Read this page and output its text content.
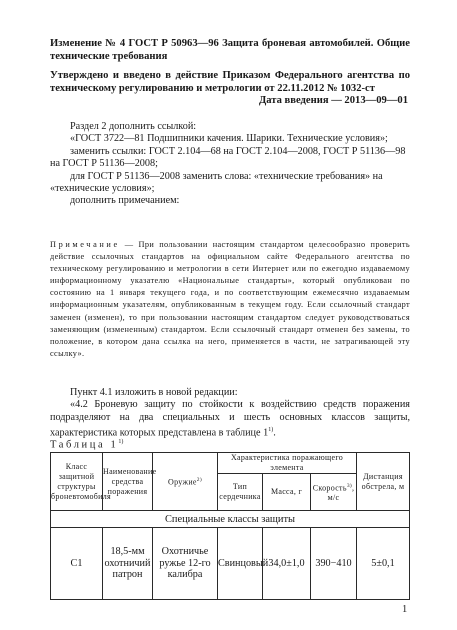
Изменение № 4 ГОСТ Р 50963—96 Защита броневая автомобилей. Общие технические требования
Утверждено и введено в действие Приказом Федерального агентства по техническому регулированию и метрологии от 22.11.2012 № 1032-ст
Дата введения — 2013—09—01
Раздел 2 дополнить ссылкой:
«ГОСТ 3722—81 Подшипники качения. Шарики. Технические условия»;
заменить ссылки: ГОСТ 2.104—68 на ГОСТ 2.104—2008, ГОСТ Р 51136—98 на ГОСТ Р 51136—2008;
для ГОСТ Р 51136—2008 заменить слова: «технические требования» на «технические условия»;
дополнить примечанием:
Примечание — При пользовании настоящим стандартом целесообразно проверить действие ссылочных стандартов на официальном сайте Федерального агентства по техническому регулированию и метрологии в сети Интернет или по ежегодно издаваемому информационному указателю «Национальные стандарты», который опубликован по состоянию на 1 января текущего года, и по соответствующим ежемесячно издаваемым информационным указателям, опубликованным в текущем году. Если ссылочный стандарт заменен (изменен), то при пользовании настоящим стандартом следует руководствоваться заменяющим (измененным) стандартом. Если ссылочный стандарт отменен без замены, то положение, в котором дана ссылка на него, применяется в части, не затрагивающей эту ссылку».
Пункт 4.1 изложить в новой редакции:
«4.2 Броневую защиту по стойкости к воздействию средств поражения подразделяют на два специальных и шесть основных классов защиты, характеристика которых представлена в таблице 1$^{1)}$.
Таблица 1$^{1)}$
Класс защитной структуры броневтомобиля	Наименование средства поражения	Оружие$^{2)}$	Характеристика поражающего элемента			Дистанция обстрела, м
			Тип сердечника	Масса, г	Скорость$^{3)}$, м/с	
Специальные классы защиты						
С1	18,5-мм охотничий патрон	Охотничье ружье 12-го калибра	Свинцовый	34,0±1,0	390−410	5±0,1
1
